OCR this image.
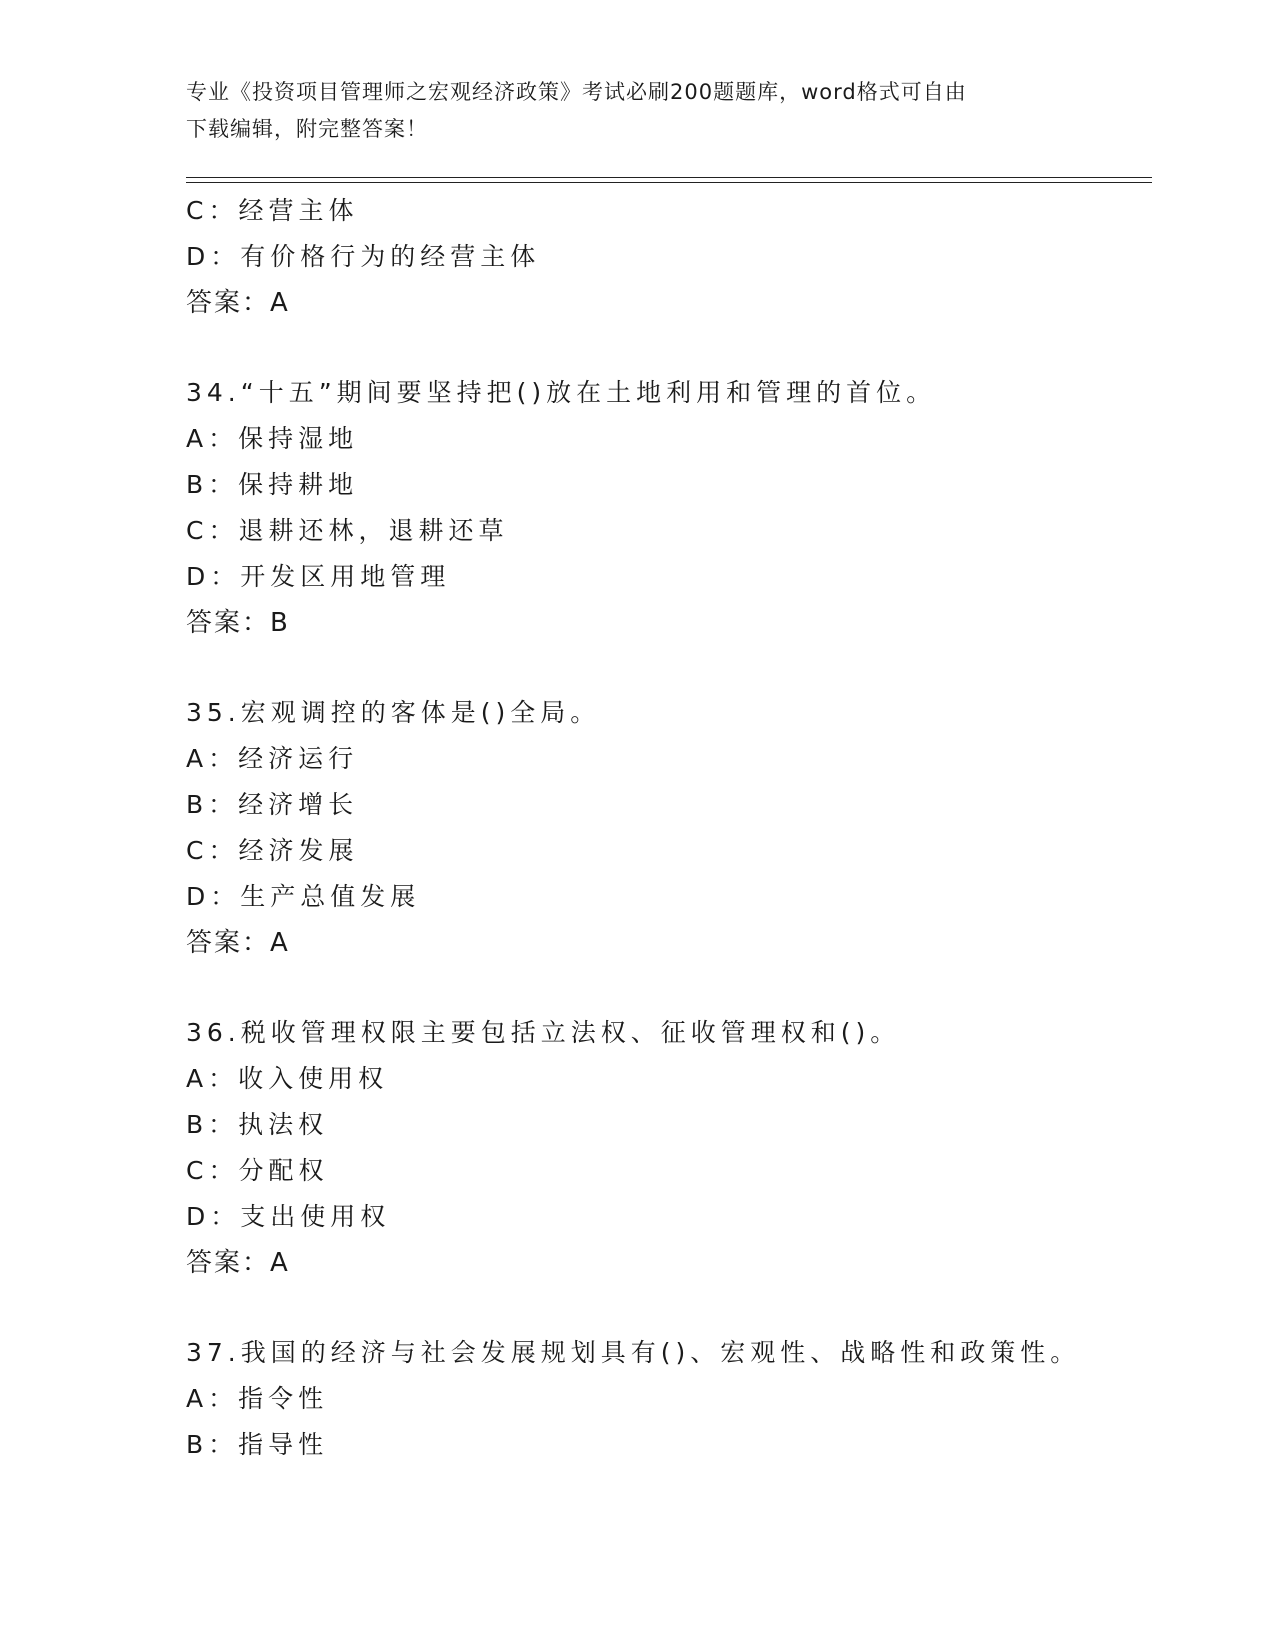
专业《投资项目管理师之宏观经济政策》考试必刷200题题库，word格式可自由
下载编辑，附完整答案！
C：经营主体
D：有价格行为的经营主体
答案：A
34.“十五”期间要坚持把()放在土地利用和管理的首位。
A：保持湿地
B：保持耕地
C：退耕还林，退耕还草
D：开发区用地管理
答案：B
35.宏观调控的客体是()全局。
A：经济运行
B：经济增长
C：经济发展
D：生产总值发展
答案：A
36.税收管理权限主要包括立法权、征收管理权和()。
A：收入使用权
B：执法权
C：分配权
D：支出使用权
答案：A
37.我国的经济与社会发展规划具有()、宏观性、战略性和政策性。
A：指令性
B：指导性
